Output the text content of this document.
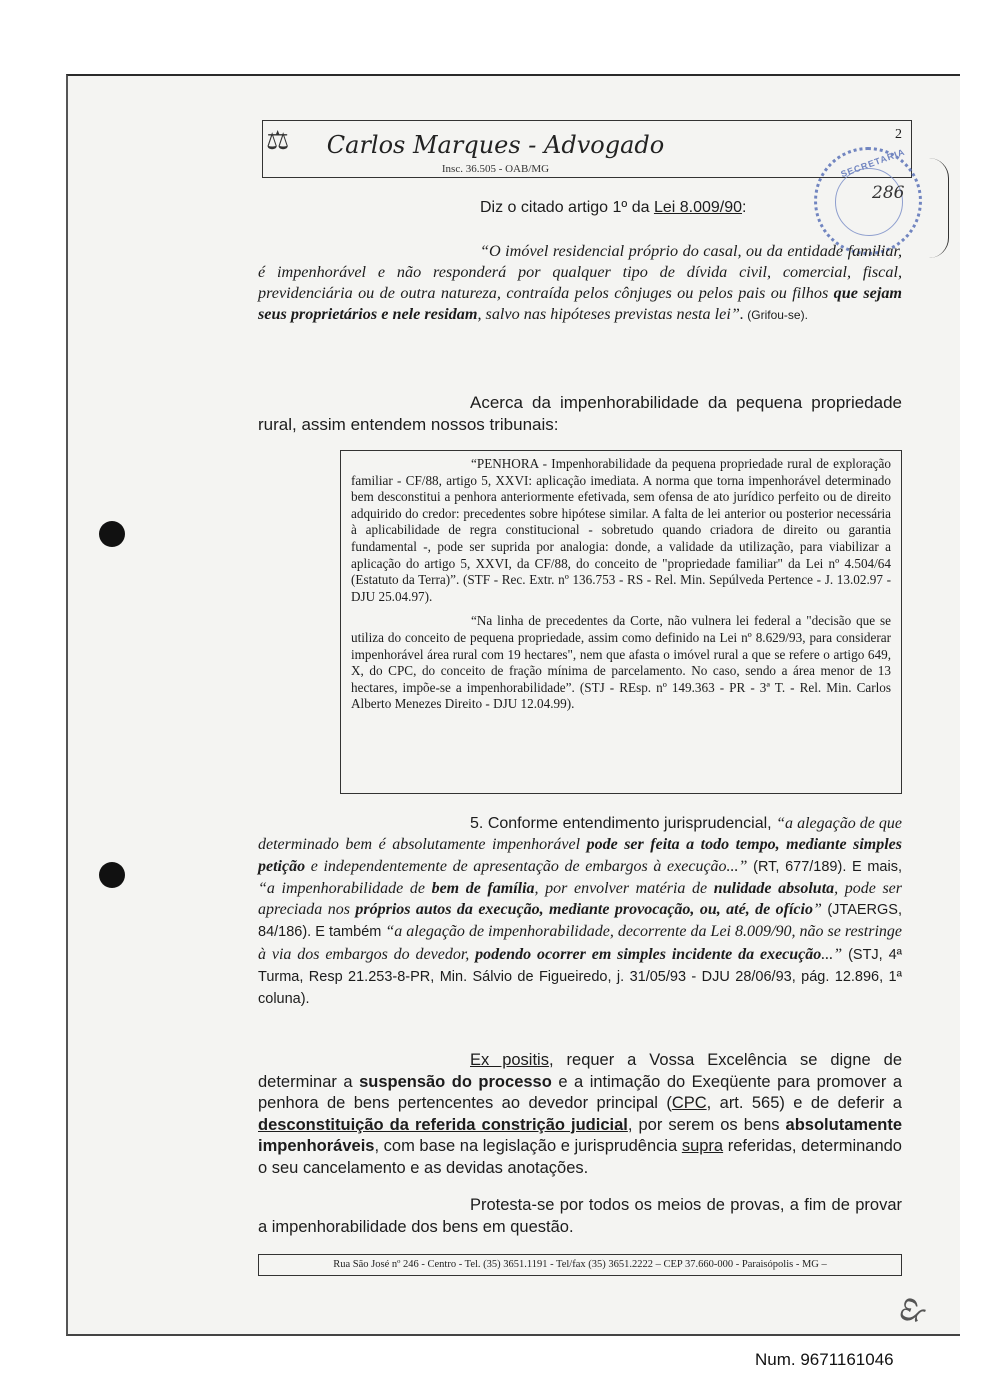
⚖	Carlos Marques - Advogado
Insc. 36.505 - OAB/MG
2
SECRETARIA
286
Diz o citado artigo 1º da Lei 8.009/90:

“O imóvel residencial próprio do casal, ou da entidade familiar, é impenhorável e não responderá por qualquer tipo de dívida civil, comercial, fiscal, previdenciária ou de outra natureza, contraída pelos cônjuges ou pelos pais ou filhos que sejam seus proprietários e nele residam, salvo nas hipóteses previstas nesta lei”. (Grifou-se).

Acerca da impenhorabilidade da pequena propriedade rural, assim entendem nossos tribunais:

“PENHORA - Impenhorabilidade da pequena propriedade rural de exploração familiar - CF/88, artigo 5, XXVI: aplicação imediata. A norma que torna impenhorável determinado bem desconstitui a penhora anteriormente efetivada, sem ofensa de ato jurídico perfeito ou de direito adquirido do credor: precedentes sobre hipótese similar. A falta de lei anterior ou posterior necessária à aplicabilidade de regra constitucional - sobretudo quando criadora de direito ou garantia fundamental -, pode ser suprida por analogia: donde, a validade da utilização, para viabilizar a aplicação do artigo 5, XXVI, da CF/88, do conceito de "propriedade familiar" da Lei nº 4.504/64 (Estatuto da Terra)”. (STF - Rec. Extr. nº 136.753 - RS - Rel. Min. Sepúlveda Pertence - J. 13.02.97 - DJU 25.04.97).

“Na linha de precedentes da Corte, não vulnera lei federal a "decisão que se utiliza do conceito de pequena propriedade, assim como definido na Lei nº 8.629/93, para considerar impenhorável área rural com 19 hectares", nem que afasta o imóvel rural a que se refere o artigo 649, X, do CPC, do conceito de fração mínima de parcelamento. No caso, sendo a área menor de 13 hectares, impõe-se a impenhorabilidade”. (STJ - REsp. nº 149.363 - PR - 3ª T. - Rel. Min. Carlos Alberto Menezes Direito - DJU 12.04.99).

5. Conforme entendimento jurisprudencial, “a alegação de que determinado bem é absolutamente impenhorável pode ser feita a todo tempo, mediante simples petição e independentemente de apresentação de embargos à execução...” (RT, 677/189). E mais, “a impenhorabilidade de bem de família, por envolver matéria de nulidade absoluta, pode ser apreciada nos próprios autos da execução, mediante provocação, ou, até, de ofício” (JTAERGS, 84/186). E também “a alegação de impenhorabilidade, decorrente da Lei 8.009/90, não se restringe à via dos embargos do devedor, podendo ocorrer em simples incidente da execução...” (STJ, 4ª Turma, Resp 21.253-8-PR, Min. Sálvio de Figueiredo, j. 31/05/93 - DJU 28/06/93, pág. 12.896, 1ª coluna).

Ex positis, requer a Vossa Excelência se digne de determinar a suspensão do processo e a intimação do Exeqüente para promover a penhora de bens pertencentes ao devedor principal (CPC, art. 565) e de deferir a desconstituição da referida constrição judicial, por serem os bens absolutamente impenhoráveis, com base na legislação e jurisprudência supra referidas, determinando o seu cancelamento e as devidas anotações.

Protesta-se por todos os meios de provas, a fim de provar a impenhorabilidade dos bens em questão.

Rua São José nº 246 - Centro - Tel. (35) 3651.1191 - Tel/fax (35) 3651.2222 – CEP 37.660-000 - Paraisópolis - MG –
ღ
Num. 9671161046
